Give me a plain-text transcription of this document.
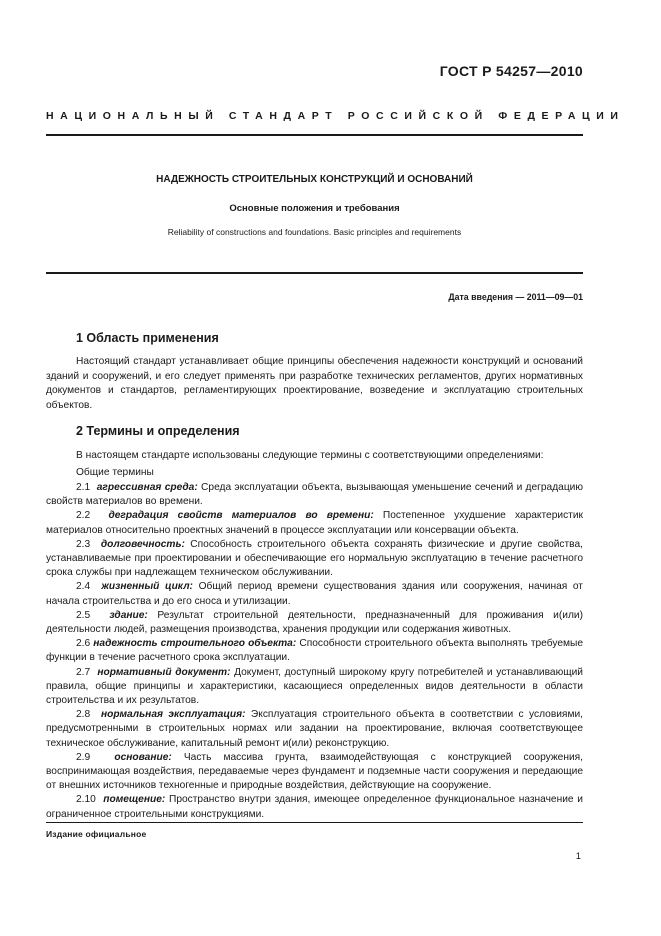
ГОСТ Р 54257—2010
НАЦИОНАЛЬНЫЙ СТАНДАРТ РОССИЙСКОЙ ФЕДЕРАЦИИ
НАДЕЖНОСТЬ СТРОИТЕЛЬНЫХ КОНСТРУКЦИЙ И ОСНОВАНИЙ
Основные положения и требования
Reliability of constructions and foundations. Basic principles and requirements
Дата введения — 2011—09—01
1 Область применения
Настоящий стандарт устанавливает общие принципы обеспечения надежности конструкций и оснований зданий и сооружений, и его следует применять при разработке технических регламентов, других нормативных документов и стандартов, регламентирующих проектирование, возведение и эксплуатацию строительных объектов.
2 Термины и определения
В настоящем стандарте использованы следующие термины с соответствующими определениями:
Общие термины

2.1 агрессивная среда: Среда эксплуатации объекта, вызывающая уменьшение сечений и деградацию свойств материалов во времени.

2.2 деградация свойств материалов во времени: Постепенное ухудшение характеристик материалов относительно проектных значений в процессе эксплуатации или консервации объекта.

2.3 долговечность: Способность строительного объекта сохранять физические и другие свойства, устанавливаемые при проектировании и обеспечивающие его нормальную эксплуатацию в течение расчетного срока службы при надлежащем техническом обслуживании.

2.4 жизненный цикл: Общий период времени существования здания или сооружения, начиная от начала строительства и до его сноса и утилизации.

2.5 здание: Результат строительной деятельности, предназначенный для проживания и(или) деятельности людей, размещения производства, хранения продукции или содержания животных.

2.6 надежность строительного объекта: Способности строительного объекта выполнять требуемые функции в течение расчетного срока эксплуатации.

2.7 нормативный документ: Документ, доступный широкому кругу потребителей и устанавливающий правила, общие принципы и характеристики, касающиеся определенных видов деятельности в области строительства и их результатов.

2.8 нормальная эксплуатация: Эксплуатация строительного объекта в соответствии с условиями, предусмотренными в строительных нормах или задании на проектирование, включая соответствующее техническое обслуживание, капитальный ремонт и(или) реконструкцию.

2.9 основание: Часть массива грунта, взаимодействующая с конструкцией сооружения, воспринимающая воздействия, передаваемые через фундамент и подземные части сооружения и передающие от внешних источников техногенные и природные воздействия, действующие на сооружение.

2.10 помещение: Пространство внутри здания, имеющее определенное функциональное назначение и ограниченное строительными конструкциями.

Издание официальное
1
